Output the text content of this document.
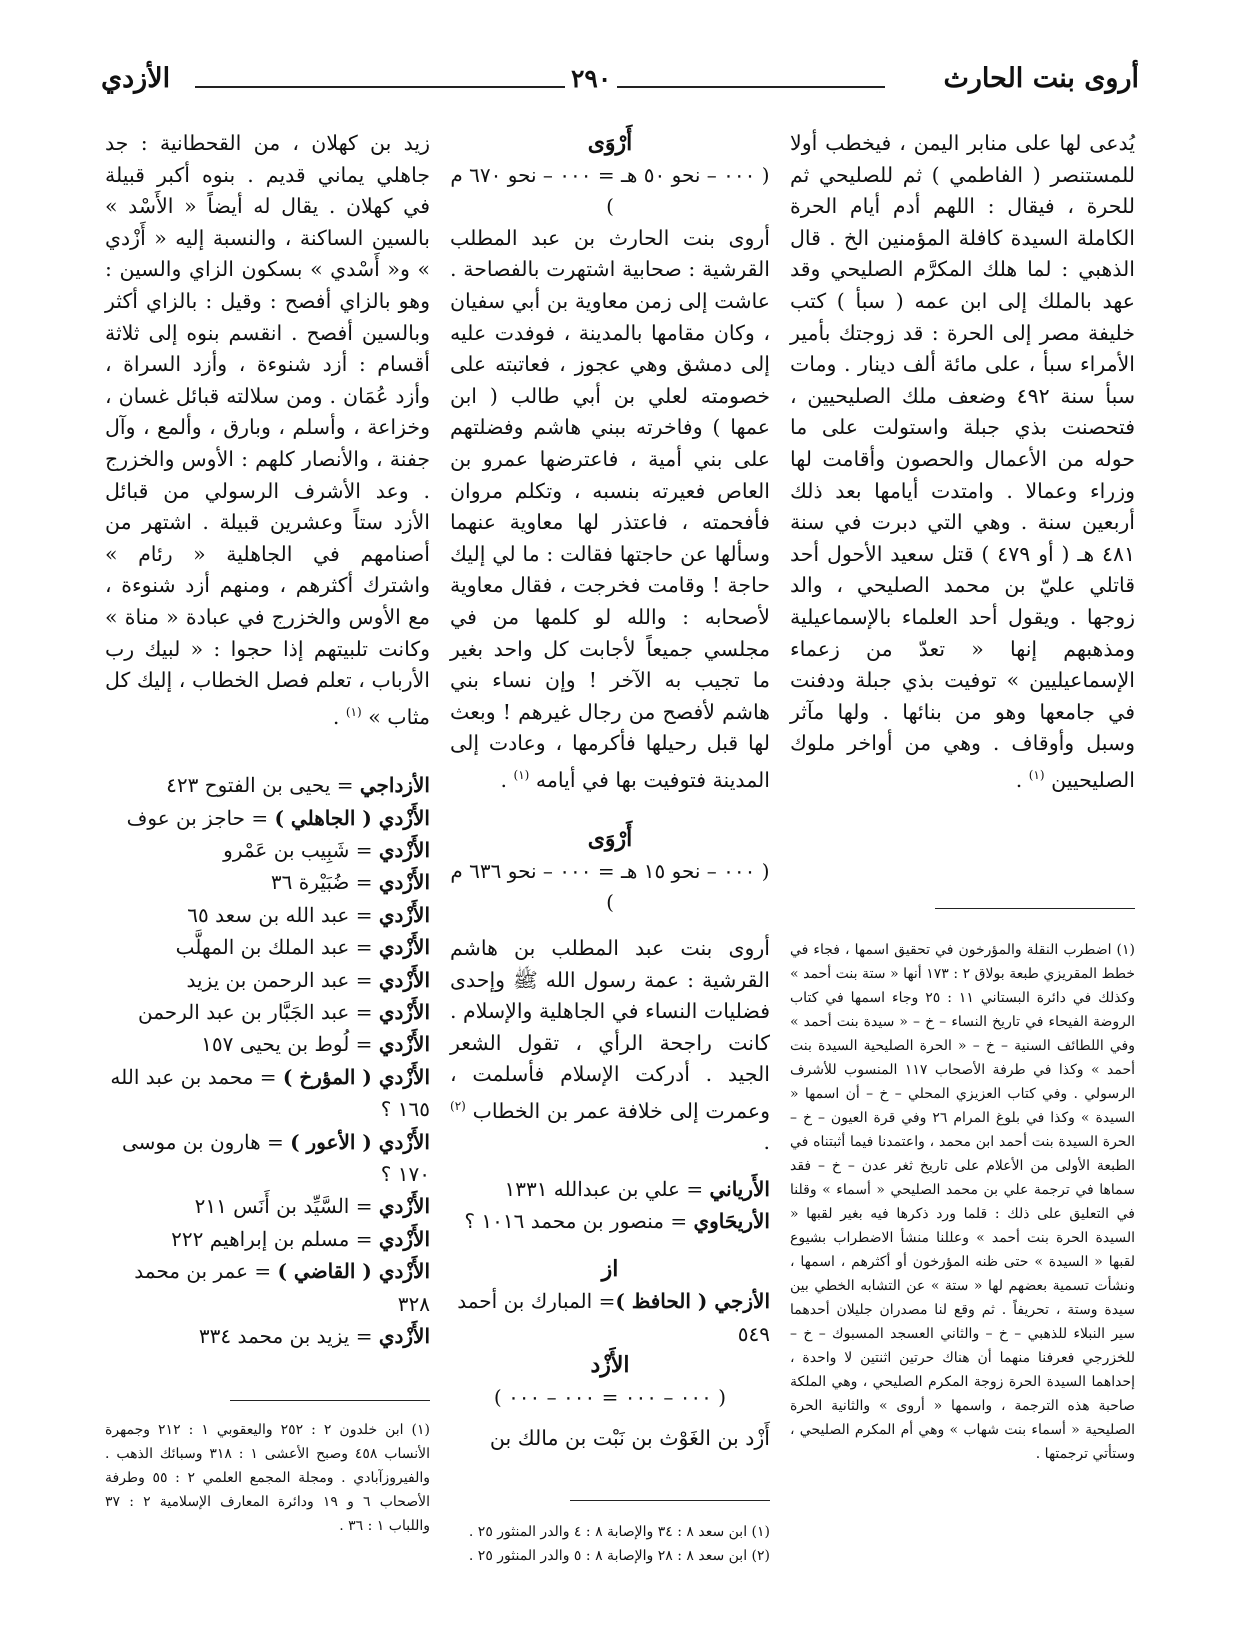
أروى بنت الحارث
٢٩٠
الأزدي

يُدعى لها على منابر اليمن ، فيخطب أولا للمستنصر ( الفاطمي ) ثم للصليحي ثم للحرة ، فيقال : اللهم أدم أيام الحرة الكاملة السيدة كافلة المؤمنين الخ . قال الذهبي : لما هلك المكرَّم الصليحي وقد عهد بالملك إلى ابن عمه ( سبأ ) كتب خليفة مصر إلى الحرة : قد زوجتك بأمير الأمراء سبأ ، على مائة ألف دينار . ومات سبأ سنة ٤٩٢ وضعف ملك الصليحيين ، فتحصنت بذي جبلة واستولت على ما حوله من الأعمال والحصون وأقامت لها وزراء وعمالا . وامتدت أيامها بعد ذلك أربعين سنة . وهي التي دبرت في سنة ٤٨١ هـ ( أو ٤٧٩ ) قتل سعيد الأحول أحد قاتلي عليّ بن محمد الصليحي ، والد زوجها . ويقول أحد العلماء بالإسماعيلية ومذهبهم إنها « تعدّ من زعماء الإسماعيليين » توفيت بذي جبلة ودفنت في جامعها وهو من بنائها . ولها مآثر وسبل وأوقاف . وهي من أواخر ملوك الصليحيين $^{(١)}$ .

(١) اضطرب النقلة والمؤرخون في تحقيق اسمها ، فجاء في خطط المقريزي طبعة بولاق ٢ : ١٧٣ أنها « ستة بنت أحمد » وكذلك في دائرة البستاني ١١ : ٢٥ وجاء اسمها في كتاب الروضة الفيحاء في تاريخ النساء – خ – « سيدة بنت أحمد » وفي اللطائف السنية – خ – « الحرة الصليحية السيدة بنت أحمد » وكذا في طرفة الأصحاب ١١٧ المنسوب للأشرف الرسولي . وفي كتاب العزيزي المحلي – خ – أن اسمها « السيدة » وكذا في بلوغ المرام ٢٦ وفي قرة العيون – خ – الحرة السيدة بنت أحمد ابن محمد ، واعتمدنا فيما أثبتناه في الطبعة الأولى من الأعلام على تاريخ ثغر عدن – خ – فقد سماها في ترجمة علي بن محمد الصليحي « أسماء » وقلنا في التعليق على ذلك : قلما ورد ذكرها فيه بغير لقبها « السيدة الحرة بنت أحمد » وعللنا منشأ الاضطراب بشيوع لقبها « السيدة » حتى ظنه المؤرخون أو أكثرهم ، اسمها ، ونشأت تسمية بعضهم لها « ستة » عن التشابه الخطي بين سيدة وستة ، تحريفاً . ثم وقع لنا مصدران جليلان أحدهما سير النبلاء للذهبي – خ – والثاني العسجد المسبوك – خ – للخزرجي فعرفنا منهما أن هناك حرتين اثنتين لا واحدة ، إحداهما السيدة الحرة زوجة المكرم الصليحي ، وهي الملكة صاحبة هذه الترجمة ، واسمها « أروى » والثانية الحرة الصليحية « أسماء بنت شهاب » وهي أم المكرم الصليحي ، وستأتي ترجمتها .

أَرْوَى

( ٠٠٠ – نحو ٥٠ هـ = ٠٠٠ – نحو ٦٧٠ م )

أروى بنت الحارث بن عبد المطلب القرشية : صحابية اشتهرت بالفصاحة . عاشت إلى زمن معاوية بن أبي سفيان ، وكان مقامها بالمدينة ، فوفدت عليه إلى دمشق وهي عجوز ، فعاتبته على خصومته لعلي بن أبي طالب ( ابن عمها ) وفاخرته ببني هاشم وفضلتهم على بني أمية ، فاعترضها عمرو بن العاص فعيرته بنسبه ، وتكلم مروان فأفحمته ، فاعتذر لها معاوية عنهما وسألها عن حاجتها فقالت : ما لي إليك حاجة ! وقامت فخرجت ، فقال معاوية لأصحابه : والله لو كلمها من في مجلسي جميعاً لأجابت كل واحد بغير ما تجيب به الآخر ! وإن نساء بني هاشم لأفصح من رجال غيرهم ! وبعث لها قبل رحيلها فأكرمها ، وعادت إلى المدينة فتوفيت بها في أيامه $^{(١)}$ .

أَرْوَى

( ٠٠٠ – نحو ١٥ هـ = ٠٠٠ – نحو ٦٣٦ م )

أروى بنت عبد المطلب بن هاشم القرشية : عمة رسول الله ﷺ وإحدى فضليات النساء في الجاهلية والإسلام . كانت راجحة الرأي ، تقول الشعر الجيد . أدركت الإسلام فأسلمت ، وعمرت إلى خلافة عمر بن الخطاب $^{(٢)}$ .

الأَرياني = علي بن عبدالله ١٣٣١

الأريحَاوي = منصور بن محمد ١٠١٦ ؟

از

الأزجي ( الحافظ )= المبارك بن أحمد ٥٤٩

الأَزْد

( ٠٠٠ – ٠٠٠ = ٠٠٠ – ٠٠٠ )

أَزْد بن الغَوْث بن نَبْت بن مالك بن

(١) ابن سعد ٨ : ٣٤ والإصابة ٨ : ٤ والدر المنثور ٢٥ .

(٢) ابن سعد ٨ : ٢٨ والإصابة ٨ : ٥ والدر المنثور ٢٥ .

زيد بن كهلان ، من القحطانية : جد جاهلي يماني قديم . بنوه أكبر قبيلة في كهلان . يقال له أيضاً « الأَسْد » بالسين الساكنة ، والنسبة إليه « أَزْدي » و« أَسْدي » بسكون الزاي والسين : وهو بالزاي أفصح : وقيل : بالزاي أكثر وبالسين أفصح . انقسم بنوه إلى ثلاثة أقسام : أزد شنوءة ، وأزد السراة ، وأزد عُمَان . ومن سلالته قبائل غسان ، وخزاعة ، وأسلم ، وبارق ، وألمع ، وآل جفنة ، والأنصار كلهم : الأوس والخزرج . وعد الأشرف الرسولي من قبائل الأزد ستاً وعشرين قبيلة . اشتهر من أصنامهم في الجاهلية « رئام » واشترك أكثرهم ، ومنهم أزد شنوءة ، مع الأوس والخزرج في عبادة « مناة » وكانت تلبيتهم إذا حجوا : « لبيك رب الأرباب ، تعلم فصل الخطاب ، إليك كل مثاب » $^{(١)}$ .

الأزداجي = يحيى بن الفتوح ٤٢٣

الأَزْدي ( الجاهلي ) = حاجز بن عوف

الأَزْدي = شَبِيب بن عَمْرو

الأَزْدي = ضُبَيْرة ٣٦

الأَزْدي = عبد الله بن سعد ٦٥

الأَزْدي = عبد الملك بن المهلَّب

الأَزْدي = عبد الرحمن بن يزيد

الأَزْدي = عبد الجَبَّار بن عبد الرحمن

الأَزْدي = لُوط بن يحيى ١٥٧

الأَزْدي ( المؤرخ ) = محمد بن عبد الله ١٦٥ ؟

الأَزْدي ( الأعور ) = هارون بن موسى ١٧٠ ؟

الأَزْدي = السَّيِّد بن أَنَس ٢١١

الأَزْدي = مسلم بن إبراهيم ٢٢٢

الأَزْدي ( القاضي ) = عمر بن محمد ٣٢٨

الأَزْدي = يزيد بن محمد ٣٣٤

(١) ابن خلدون ٢ : ٢٥٢ واليعقوبي ١ : ٢١٢ وجمهرة الأنساب ٤٥٨ وصبح الأعشى ١ : ٣١٨ وسبائك الذهب . والفيروزآبادي . ومجلة المجمع العلمي ٢ : ٥٥ وطرفة الأصحاب ٦ و ١٩ ودائرة المعارف الإسلامية ٢ : ٣٧ واللباب ١ : ٣٦ .
